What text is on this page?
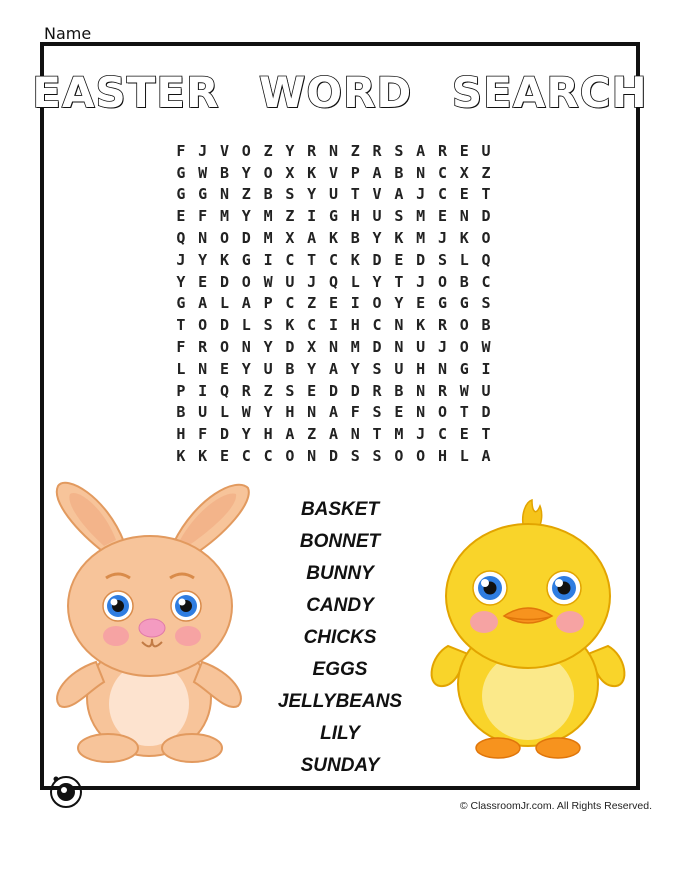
Name
EASTER WORD SEARCH
F J V O Z Y R N Z R S A R E U
G W B Y O X K V P A B N C X Z
G G N Z B S Y U T V A J C E T
E F M Y M Z I G H U S M E N D
Q N O D M X A K B Y K M J K O
J Y K G I C T C K D E D S L Q
Y E D O W U J Q L Y T J O B C
G A L A P C Z E I O Y E G G S
T O D L S K C I H C N K R O B
F R O N Y D X N M D N U J O W
L N E Y U B Y A Y S U H N G I
P I Q R Z S E D D R B N R W U
B U L W Y H N A F S E N O T D
H F D Y H A Z A N T M J C E T
K K E C C O N D S S O O H L A
BASKET
BONNET
BUNNY
CANDY
CHICKS
EGGS
JELLYBEANS
LILY
SUNDAY
© ClassroomJr.com. All Rights Reserved.
